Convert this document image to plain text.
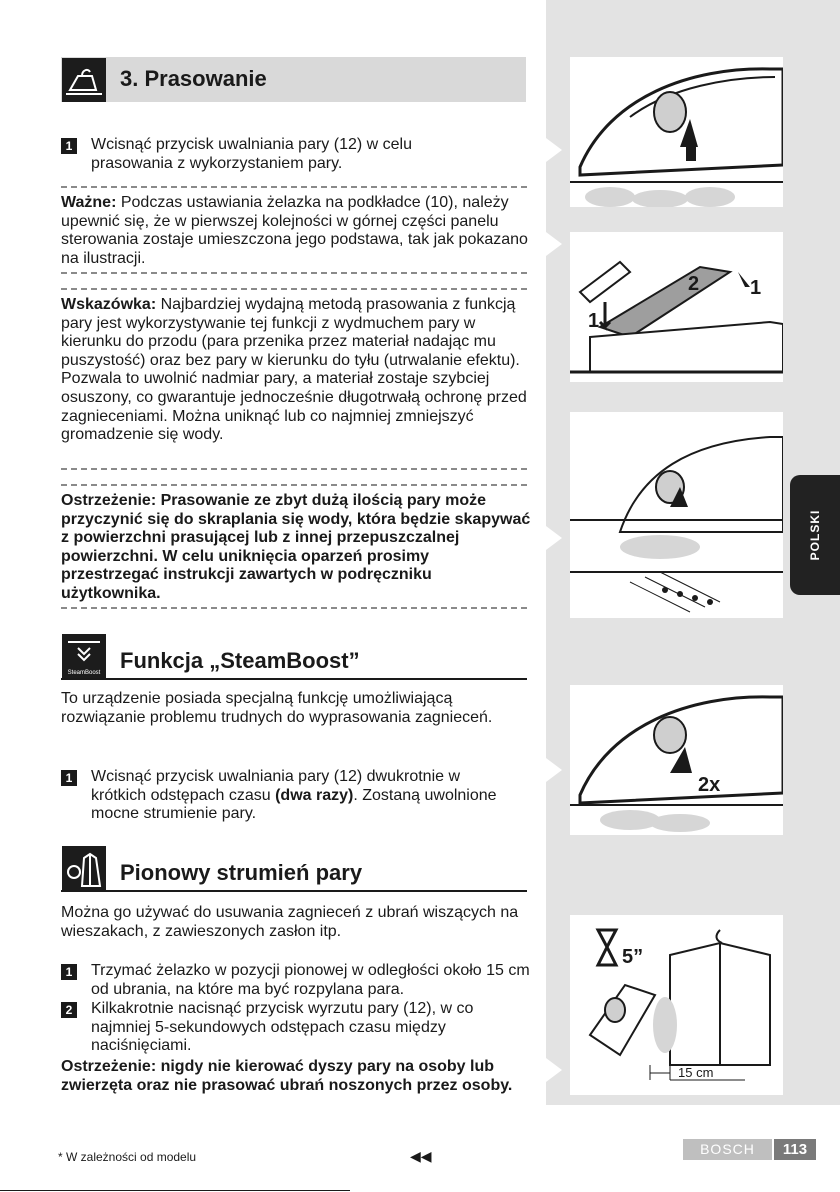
2
1
1
2x
5”
15 cm
POLSKI
3. Prasowanie
1 Wcisnąć przycisk uwalniania pary (12) w celu prasowania z wykorzystaniem pary.
Ważne: Podczas ustawiania żelazka na podkładce (10), należy upewnić się, że w pierwszej kolejności w górnej części panelu sterowania zostaje umieszczona jego podstawa, tak jak pokazano na ilustracji.
Wskazówka: Najbardziej wydajną metodą prasowania z funkcją pary jest wykorzystywanie tej funkcji z wydmuchem pary w kierunku do przodu (para przenika przez materiał nadając mu puszystość) oraz bez pary w kierunku do tyłu (utrwalanie efektu). Pozwala to uwolnić nadmiar pary, a materiał zostaje szybciej osuszony, co gwarantuje jednocześnie długotrwałą ochronę przed zagnieceniami. Można uniknąć lub co najmniej zmniejszyć gromadzenie się wody.
Ostrzeżenie: Prasowanie ze zbyt dużą ilością pary może przyczynić się do skraplania się wody, która będzie skapywać z powierzchni prasującej lub z innej przepuszczalnej powierzchni. W celu uniknięcia oparzeń prosimy przestrzegać instrukcji zawartych w podręczniku użytkownika.
SteamBoost Funkcja „SteamBoost”
To urządzenie posiada specjalną funkcję umożliwiającą rozwiązanie problemu trudnych do wyprasowania zagnieceń.
1 Wcisnąć przycisk uwalniania pary (12) dwukrotnie w krótkich odstępach czasu (dwa razy). Zostaną uwolnione mocne strumienie pary.
Pionowy strumień pary
Można go używać do usuwania zagnieceń z ubrań wiszących na wieszakach, z zawieszonych zasłon itp.
1 Trzymać żelazko w pozycji pionowej w odległości około 15 cm od ubrania, na które ma być rozpylana para.
2 Kilkakrotnie nacisnąć przycisk wyrzutu pary (12), w co najmniej 5-sekundowych odstępach czasu między naciśnięciami.
Ostrzeżenie: nigdy nie kierować dyszy pary na osoby lub zwierzęta oraz nie prasować ubrań noszonych przez osoby.
* W zależności od modelu	◀◀	BOSCH	113
